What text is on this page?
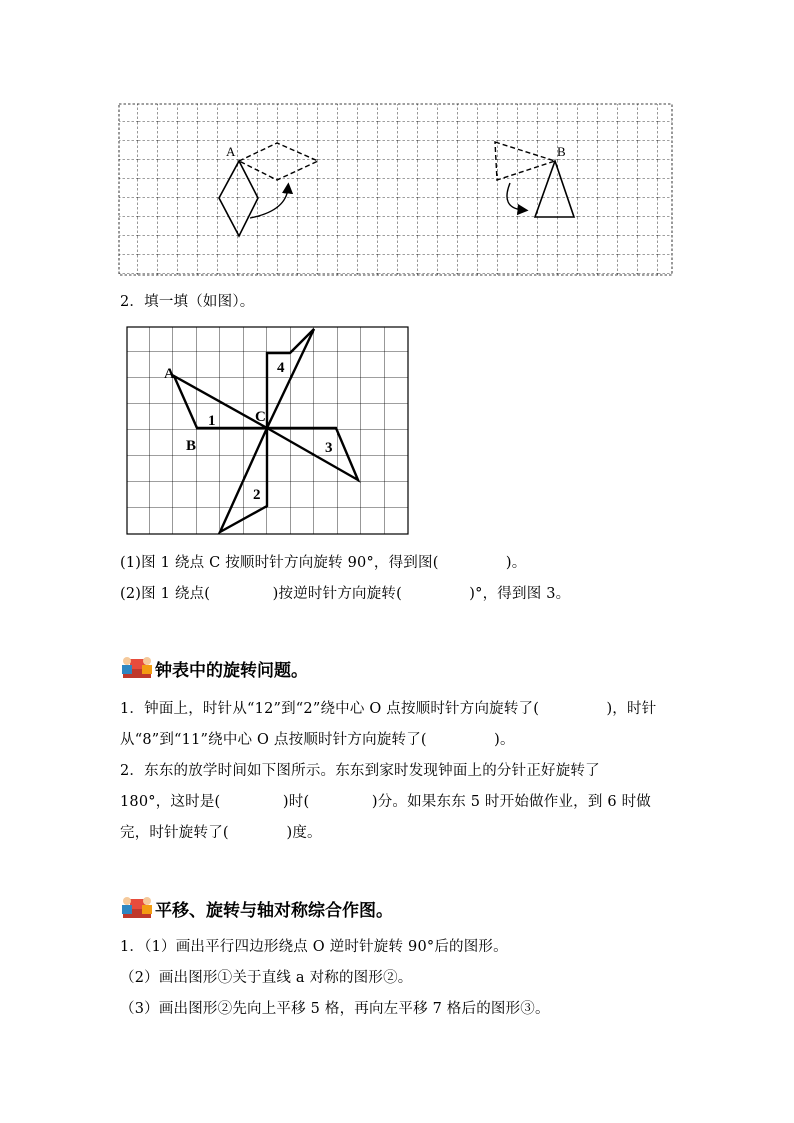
A	B
2．填一填（如图）。
A
B
C
1
2
3
4
(1)图 1 绕点 C 按顺时针方向旋转 90°，得到图(              )。
(2)图 1 绕点(             )按逆时针方向旋转(              )°，得到图 3。
钟表中的旋转问题。
1．钟面上，时针从“12”到“2”绕中心 O 点按顺时针方向旋转了(              )，时针
从“8”到“11”绕中心 O 点按顺时针方向旋转了(              )。
2．东东的放学时间如下图所示。东东到家时发现钟面上的分针正好旋转了
180°，这时是(             )时(             )分。如果东东 5 时开始做作业，到 6 时做
完，时针旋转了(            )度。
平移、旋转与轴对称综合作图。
1．（1）画出平行四边形绕点 O 逆时针旋转 90°后的图形。
（2）画出图形①关于直线 a 对称的图形②。
（3）画出图形②先向上平移 5 格，再向左平移 7 格后的图形③。
